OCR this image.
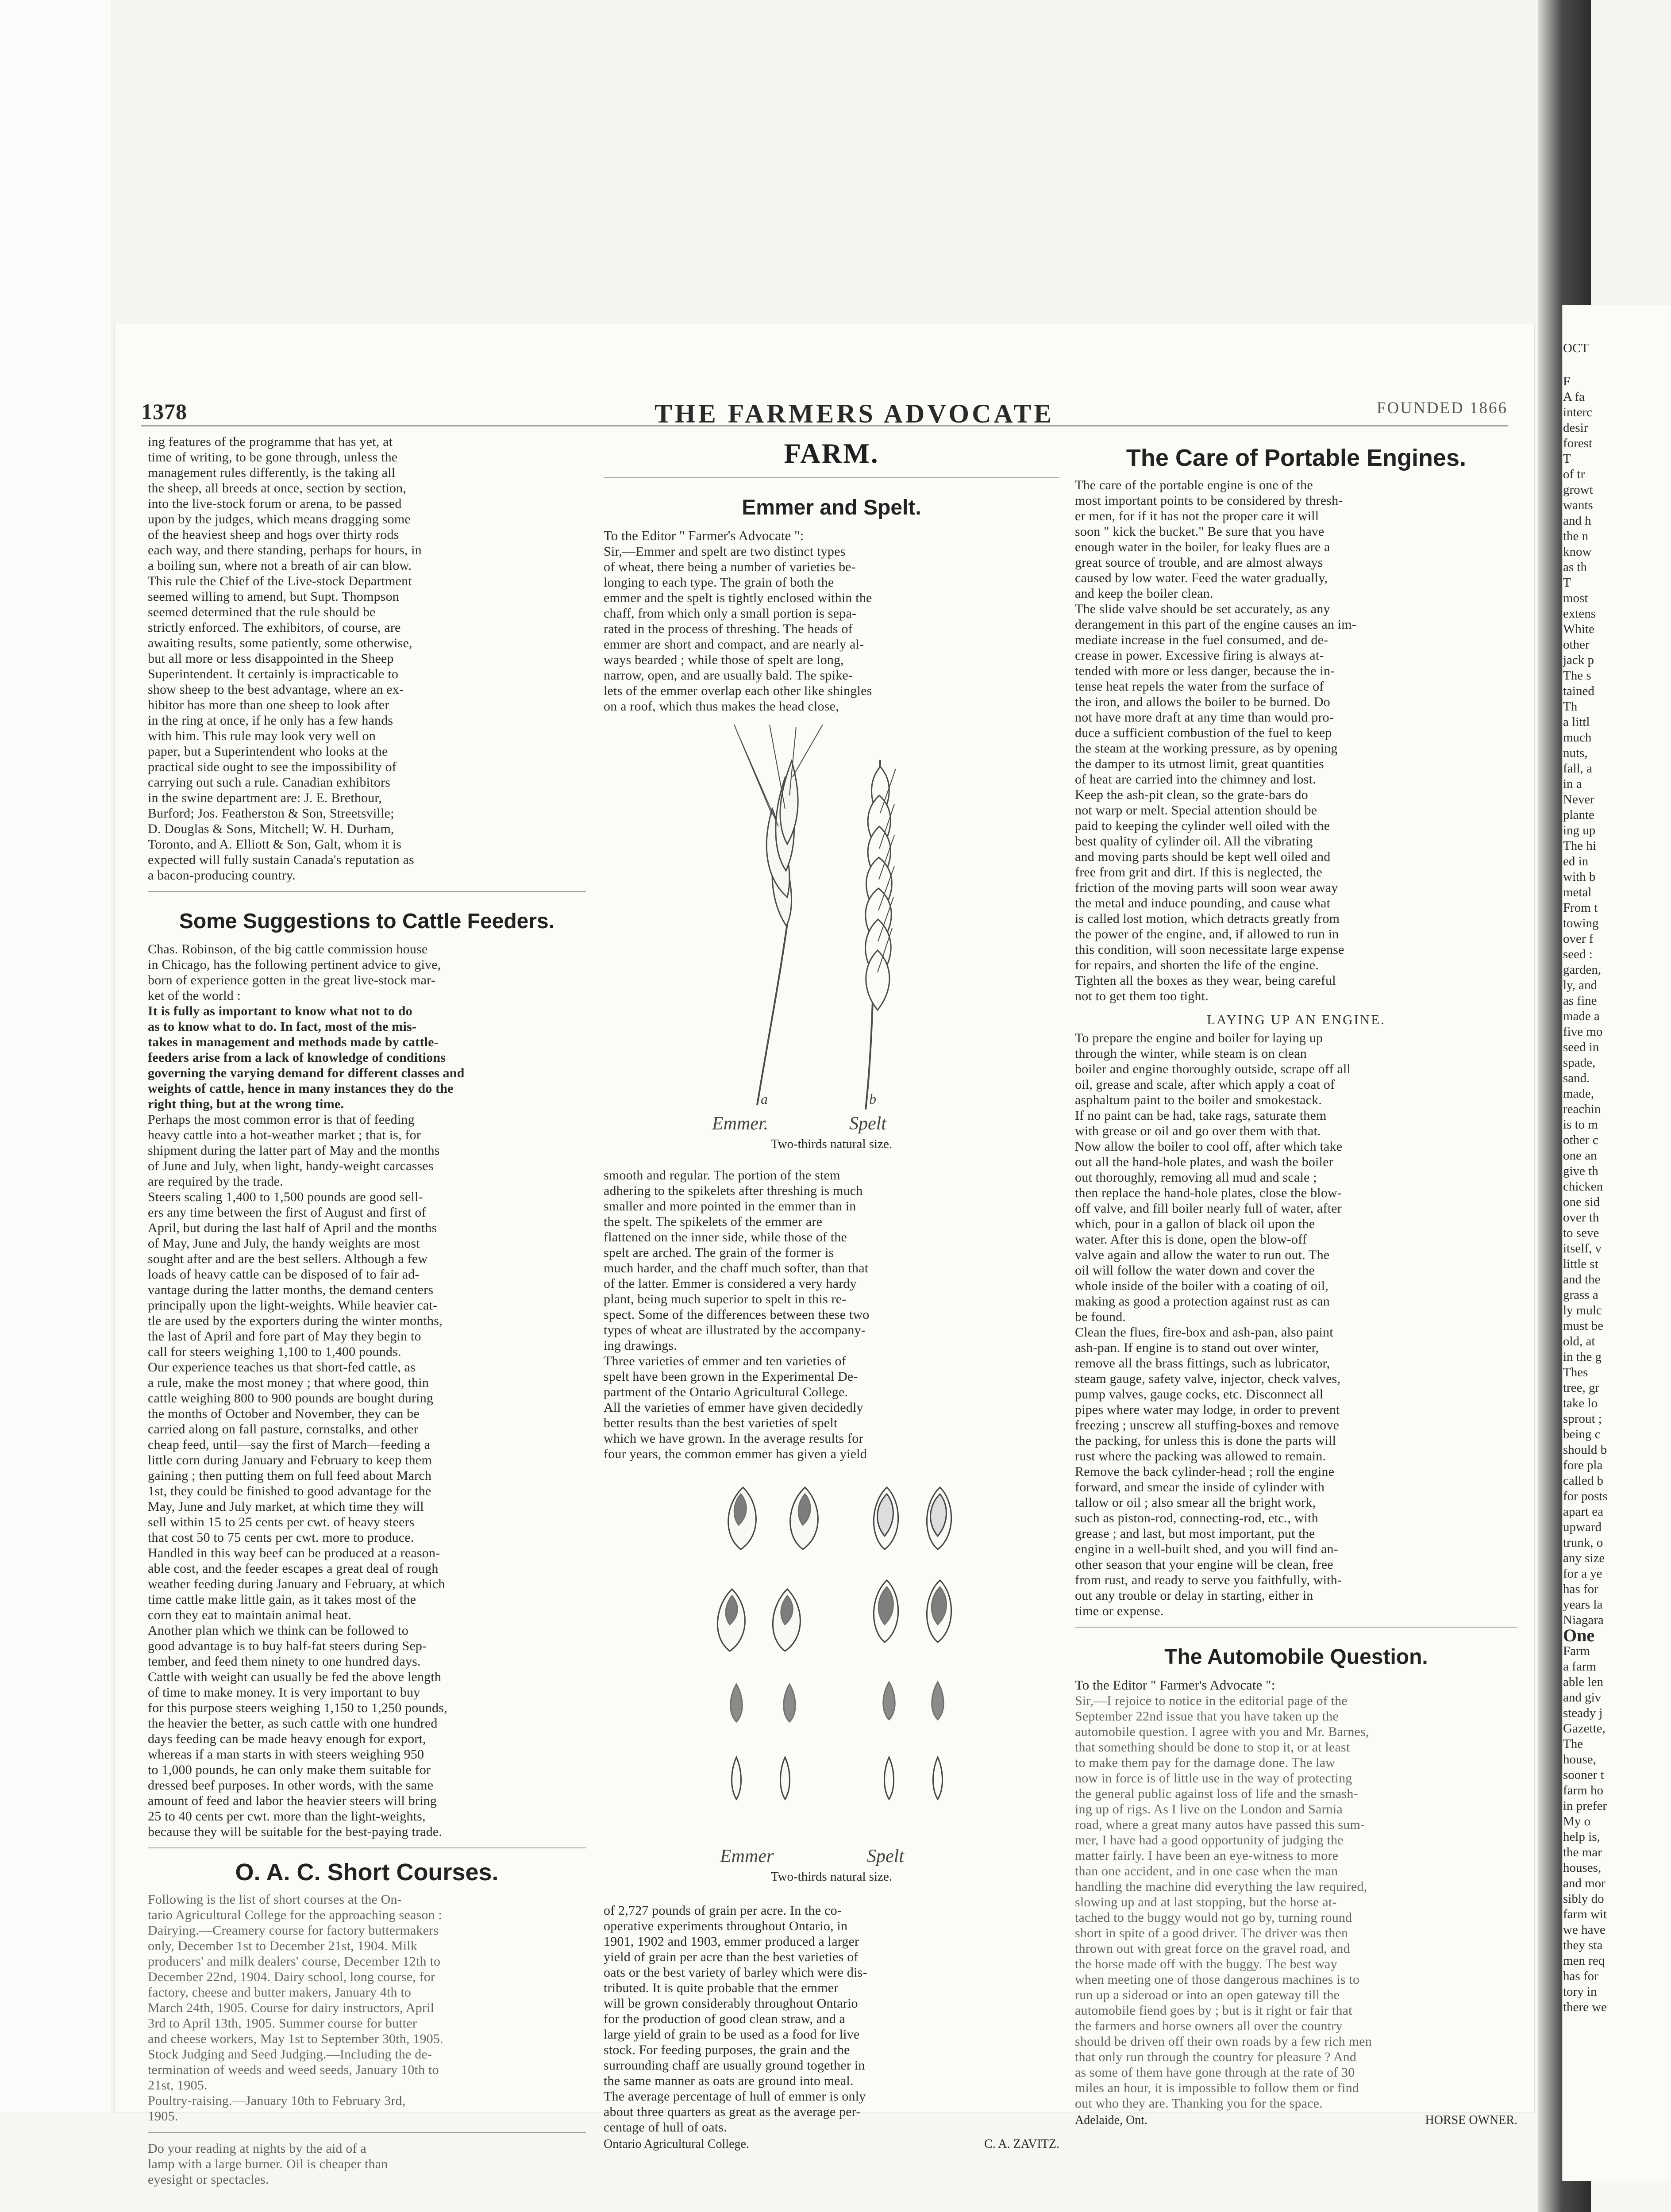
1378	THE FARMERS ADVOCATE	FOUNDED 1866
ing features of the programme that has yet, at
time of writing, to be gone through, unless the
management rules differently, is the taking all
the sheep, all breeds at once, section by section,
into the live-stock forum or arena, to be passed
upon by the judges, which means dragging some
of the heaviest sheep and hogs over thirty rods
each way, and there standing, perhaps for hours, in
a boiling sun, where not a breath of air can blow.
This rule the Chief of the Live-stock Department
seemed willing to amend, but Supt. Thompson
seemed determined that the rule should be
strictly enforced. The exhibitors, of course, are
awaiting results, some patiently, some otherwise,
but all more or less disappointed in the Sheep
Superintendent. It certainly is impracticable to
show sheep to the best advantage, where an ex-
hibitor has more than one sheep to look after
in the ring at once, if he only has a few hands
with him. This rule may look very well on
paper, but a Superintendent who looks at the
practical side ought to see the impossibility of
carrying out such a rule. Canadian exhibitors
in the swine department are: J. E. Brethour,
Burford; Jos. Featherston & Son, Streetsville;
D. Douglas & Sons, Mitchell; W. H. Durham,
Toronto, and A. Elliott & Son, Galt, whom it is
expected will fully sustain Canada's reputation as
a bacon-producing country.
Some Suggestions to Cattle Feeders.
Chas. Robinson, of the big cattle commission house
in Chicago, has the following pertinent advice to give,
born of experience gotten in the great live-stock mar-
ket of the world :
It is fully as important to know what not to do
as to know what to do. In fact, most of the mis-
takes in management and methods made by cattle-
feeders arise from a lack of knowledge of conditions
governing the varying demand for different classes and
weights of cattle, hence in many instances they do the
right thing, but at the wrong time.
Perhaps the most common error is that of feeding
heavy cattle into a hot-weather market ; that is, for
shipment during the latter part of May and the months
of June and July, when light, handy-weight carcasses
are required by the trade.
Steers scaling 1,400 to 1,500 pounds are good sell-
ers any time between the first of August and first of
April, but during the last half of April and the months
of May, June and July, the handy weights are most
sought after and are the best sellers. Although a few
loads of heavy cattle can be disposed of to fair ad-
vantage during the latter months, the demand centers
principally upon the light-weights. While heavier cat-
tle are used by the exporters during the winter months,
the last of April and fore part of May they begin to
call for steers weighing 1,100 to 1,400 pounds.
Our experience teaches us that short-fed cattle, as
a rule, make the most money ; that where good, thin
cattle weighing 800 to 900 pounds are bought during
the months of October and November, they can be
carried along on fall pasture, cornstalks, and other
cheap feed, until—say the first of March—feeding a
little corn during January and February to keep them
gaining ; then putting them on full feed about March
1st, they could be finished to good advantage for the
May, June and July market, at which time they will
sell within 15 to 25 cents per cwt. of heavy steers
that cost 50 to 75 cents per cwt. more to produce.
Handled in this way beef can be produced at a reason-
able cost, and the feeder escapes a great deal of rough
weather feeding during January and February, at which
time cattle make little gain, as it takes most of the
corn they eat to maintain animal heat.
Another plan which we think can be followed to
good advantage is to buy half-fat steers during Sep-
tember, and feed them ninety to one hundred days.
Cattle with weight can usually be fed the above length
of time to make money. It is very important to buy
for this purpose steers weighing 1,150 to 1,250 pounds,
the heavier the better, as such cattle with one hundred
days feeding can be made heavy enough for export,
whereas if a man starts in with steers weighing 950
to 1,000 pounds, he can only make them suitable for
dressed beef purposes. In other words, with the same
amount of feed and labor the heavier steers will bring
25 to 40 cents per cwt. more than the light-weights,
because they will be suitable for the best-paying trade.
O. A. C. Short Courses.
Following is the list of short courses at the On-
tario Agricultural College for the approaching season :
Dairying.—Creamery course for factory buttermakers
only, December 1st to December 21st, 1904. Milk
producers' and milk dealers' course, December 12th to
December 22nd, 1904. Dairy school, long course, for
factory, cheese and butter makers, January 4th to
March 24th, 1905. Course for dairy instructors, April
3rd to April 13th, 1905. Summer course for butter
and cheese workers, May 1st to September 30th, 1905.
Stock Judging and Seed Judging.—Including the de-
termination of weeds and weed seeds, January 10th to
21st, 1905.
Poultry-raising.—January 10th to February 3rd,
1905.
Do your reading at nights by the aid of a
lamp with a large burner. Oil is cheaper than
eyesight or spectacles.
FARM.
Emmer and Spelt.

To the Editor " Farmer's Advocate ":

Sir,—Emmer and spelt are two distinct types
of wheat, there being a number of varieties be-
longing to each type. The grain of both the
emmer and the spelt is tightly enclosed within the
chaff, from which only a small portion is sepa-
rated in the process of threshing. The heads of
emmer are short and compact, and are nearly al-
ways bearded ; while those of spelt are long,
narrow, open, and are usually bald. The spike-
lets of the emmer overlap each other like shingles
on a roof, which thus makes the head close,
a	b
Emmer.	Spelt
Two-thirds natural size.
smooth and regular. The portion of the stem
adhering to the spikelets after threshing is much
smaller and more pointed in the emmer than in
the spelt. The spikelets of the emmer are
flattened on the inner side, while those of the
spelt are arched. The grain of the former is
much harder, and the chaff much softer, than that
of the latter. Emmer is considered a very hardy
plant, being much superior to spelt in this re-
spect. Some of the differences between these two
types of wheat are illustrated by the accompany-
ing drawings.
Three varieties of emmer and ten varieties of
spelt have been grown in the Experimental De-
partment of the Ontario Agricultural College.
All the varieties of emmer have given decidedly
better results than the best varieties of spelt
which we have grown. In the average results for
four years, the common emmer has given a yield
Emmer	Spelt
Two-thirds natural size.
of 2,727 pounds of grain per acre. In the co-
operative experiments throughout Ontario, in
1901, 1902 and 1903, emmer produced a larger
yield of grain per acre than the best varieties of
oats or the best variety of barley which were dis-
tributed. It is quite probable that the emmer
will be grown considerably throughout Ontario
for the production of good clean straw, and a
large yield of grain to be used as a food for live
stock. For feeding purposes, the grain and the
surrounding chaff are usually ground together in
the same manner as oats are ground into meal.
The average percentage of hull of emmer is only
about three quarters as great as the average per-
centage of hull of oats.
Ontario Agricultural College.	C. A. ZAVITZ.
The Care of Portable Engines.
The care of the portable engine is one of the
most important points to be considered by thresh-
er men, for if it has not the proper care it will
soon " kick the bucket." Be sure that you have
enough water in the boiler, for leaky flues are a
great source of trouble, and are almost always
caused by low water. Feed the water gradually,
and keep the boiler clean.
The slide valve should be set accurately, as any
derangement in this part of the engine causes an im-
mediate increase in the fuel consumed, and de-
crease in power. Excessive firing is always at-
tended with more or less danger, because the in-
tense heat repels the water from the surface of
the iron, and allows the boiler to be burned. Do
not have more draft at any time than would pro-
duce a sufficient combustion of the fuel to keep
the steam at the working pressure, as by opening
the damper to its utmost limit, great quantities
of heat are carried into the chimney and lost.
Keep the ash-pit clean, so the grate-bars do
not warp or melt. Special attention should be
paid to keeping the cylinder well oiled with the
best quality of cylinder oil. All the vibrating
and moving parts should be kept well oiled and
free from grit and dirt. If this is neglected, the
friction of the moving parts will soon wear away
the metal and induce pounding, and cause what
is called lost motion, which detracts greatly from
the power of the engine, and, if allowed to run in
this condition, will soon necessitate large expense
for repairs, and shorten the life of the engine.
Tighten all the boxes as they wear, being careful
not to get them too tight.
LAYING UP AN ENGINE.
To prepare the engine and boiler for laying up
through the winter, while steam is on clean
boiler and engine thoroughly outside, scrape off all
oil, grease and scale, after which apply a coat of
asphaltum paint to the boiler and smokestack.
If no paint can be had, take rags, saturate them
with grease or oil and go over them with that.
Now allow the boiler to cool off, after which take
out all the hand-hole plates, and wash the boiler
out thoroughly, removing all mud and scale ;
then replace the hand-hole plates, close the blow-
off valve, and fill boiler nearly full of water, after
which, pour in a gallon of black oil upon the
water. After this is done, open the blow-off
valve again and allow the water to run out. The
oil will follow the water down and cover the
whole inside of the boiler with a coating of oil,
making as good a protection against rust as can
be found.
Clean the flues, fire-box and ash-pan, also paint
ash-pan. If engine is to stand out over winter,
remove all the brass fittings, such as lubricator,
steam gauge, safety valve, injector, check valves,
pump valves, gauge cocks, etc. Disconnect all
pipes where water may lodge, in order to prevent
freezing ; unscrew all stuffing-boxes and remove
the packing, for unless this is done the parts will
rust where the packing was allowed to remain.
Remove the back cylinder-head ; roll the engine
forward, and smear the inside of cylinder with
tallow or oil ; also smear all the bright work,
such as piston-rod, connecting-rod, etc., with
grease ; and last, but most important, put the
engine in a well-built shed, and you will find an-
other season that your engine will be clean, free
from rust, and ready to serve you faithfully, with-
out any trouble or delay in starting, either in
time or expense.
The Automobile Question.

To the Editor " Farmer's Advocate ":

Sir,—I rejoice to notice in the editorial page of the
September 22nd issue that you have taken up the
automobile question. I agree with you and Mr. Barnes,
that something should be done to stop it, or at least
to make them pay for the damage done. The law
now in force is of little use in the way of protecting
the general public against loss of life and the smash-
ing up of rigs. As I live on the London and Sarnia
road, where a great many autos have passed this sum-
mer, I have had a good opportunity of judging the
matter fairly. I have been an eye-witness to more
than one accident, and in one case when the man
handling the machine did everything the law required,
slowing up and at last stopping, but the horse at-
tached to the buggy would not go by, turning round
short in spite of a good driver. The driver was then
thrown out with great force on the gravel road, and
the horse made off with the buggy. The best way
when meeting one of those dangerous machines is to
run up a sideroad or into an open gateway till the
automobile fiend goes by ; but is it right or fair that
the farmers and horse owners all over the country
should be driven off their own roads by a few rich men
that only run through the country for pleasure ? And
as some of them have gone through at the rate of 30
miles an hour, it is impossible to follow them or find
out who they are. Thanking you for the space.
Adelaide, Ont.	HORSE OWNER.
OCT
F
A fa
interc
desir
forest
T
of tr
growt
wants
and h
the n
know
as th
T
most
extens
White
other
jack p
The s
tained
Th
a littl
much
nuts,
fall, a
in a
Never
plante
ing up
The hi
ed in
with b
metal
From t
towing
over f
seed :
garden,
ly, and
as fine
made a
five mo
seed in
spade,
sand.
made,
reachin
is to m
other c
one an
give th
chicken
one sid
over th
to seve
itself, v
little st
and the
grass a
ly mulc
must be
old, at
in the g
Thes
tree, gr
take lo
sprout ;
being c
should b
fore pla
called b
for posts
apart ea
upward
trunk, o
any size
for a ye
has for
years la
Niagara
One
Farm
a farm
able len
and giv
steady j
Gazette,
The
house,
sooner t
farm ho
in prefer
My o
help is,
the mar
houses,
and mor
sibly do
farm wit
we have
they sta
men req
has for
tory in
there we
